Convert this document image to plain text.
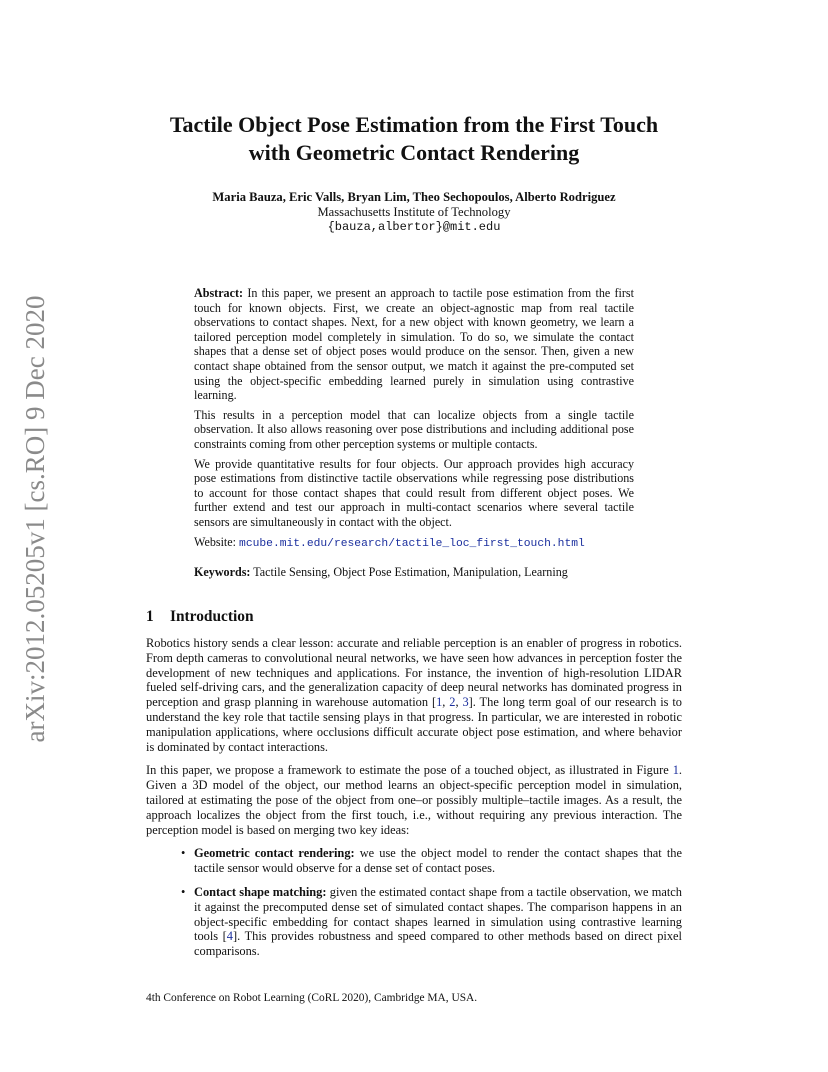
arXiv:2012.05205v1 [cs.RO] 9 Dec 2020
Tactile Object Pose Estimation from the First Touch
with Geometric Contact Rendering
Maria Bauza, Eric Valls, Bryan Lim, Theo Sechopoulos, Alberto Rodriguez
Massachusetts Institute of Technology
{bauza,albertor}@mit.edu

Abstract: In this paper, we present an approach to tactile pose estimation from the first touch for known objects. First, we create an object-agnostic map from real tactile observations to contact shapes. Next, for a new object with known geometry, we learn a tailored perception model completely in simulation. To do so, we simulate the contact shapes that a dense set of object poses would produce on the sensor. Then, given a new contact shape obtained from the sensor output, we match it against the pre-computed set using the object-specific embedding learned purely in simulation using contrastive learning.

This results in a perception model that can localize objects from a single tactile observation. It also allows reasoning over pose distributions and including additional pose constraints coming from other perception systems or multiple contacts.

We provide quantitative results for four objects. Our approach provides high accuracy pose estimations from distinctive tactile observations while regressing pose distributions to account for those contact shapes that could result from different object poses. We further extend and test our approach in multi-contact scenarios where several tactile sensors are simultaneously in contact with the object.

Website: mcube.mit.edu/research/tactile_loc_first_touch.html

Keywords: Tactile Sensing, Object Pose Estimation, Manipulation, Learning

1 Introduction

Robotics history sends a clear lesson: accurate and reliable perception is an enabler of progress in robotics. From depth cameras to convolutional neural networks, we have seen how advances in perception foster the development of new techniques and applications. For instance, the invention of high-resolution LIDAR fueled self-driving cars, and the generalization capacity of deep neural networks has dominated progress in perception and grasp planning in warehouse automation [1, 2, 3]. The long term goal of our research is to understand the key role that tactile sensing plays in that progress. In particular, we are interested in robotic manipulation applications, where occlusions difficult accurate object pose estimation, and where behavior is dominated by contact interactions.

In this paper, we propose a framework to estimate the pose of a touched object, as illustrated in Figure 1. Given a 3D model of the object, our method learns an object-specific perception model in simulation, tailored at estimating the pose of the object from one–or possibly multiple–tactile images. As a result, the approach localizes the object from the first touch, i.e., without requiring any previous interaction. The perception model is based on merging two key ideas:

• Geometric contact rendering: we use the object model to render the contact shapes that the tactile sensor would observe for a dense set of contact poses.
• Contact shape matching: given the estimated contact shape from a tactile observation, we match it against the precomputed dense set of simulated contact shapes. The comparison happens in an object-specific embedding for contact shapes learned in simulation using contrastive learning tools [4]. This provides robustness and speed compared to other methods based on direct pixel comparisons.
4th Conference on Robot Learning (CoRL 2020), Cambridge MA, USA.
